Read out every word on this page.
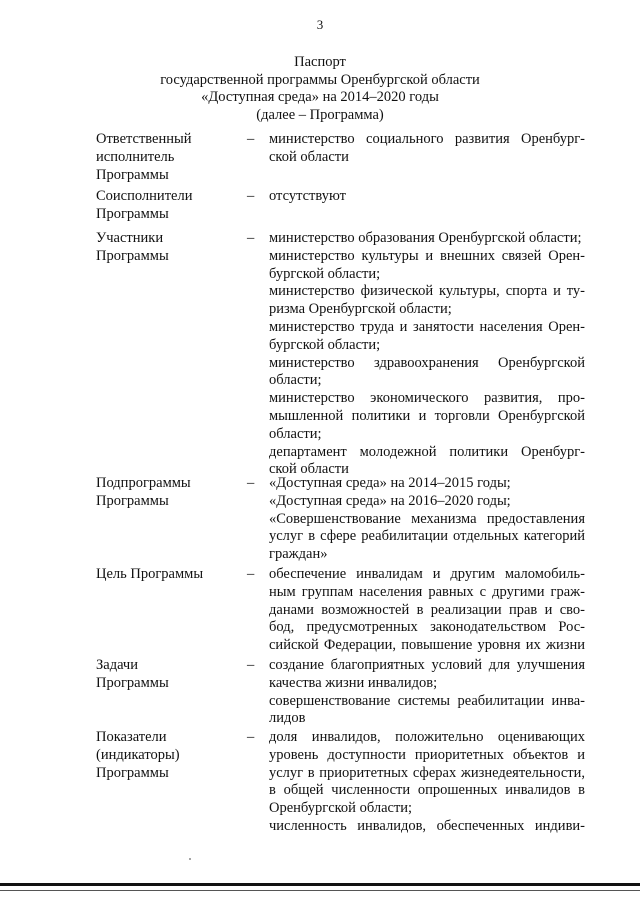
3
Паспорт
государственной программы Оренбургской области
«Доступная среда» на 2014–2020 годы
(далее – Программа)
Ответственный
исполнитель
Программы
– министерство социального развития Оренбург-
ской области
Соисполнители
Программы
– отсутствуют
Участники
Программы
– министерство образования Оренбургской области;
министерство культуры и внешних связей Орен-
бургской области;
министерство физической культуры, спорта и ту-
ризма Оренбургской области;
министерство труда и занятости населения Орен-
бургской области;
министерство здравоохранения Оренбургской
области;
министерство экономического развития, про-
мышленной политики и торговли Оренбургской
области;
департамент молодежной политики Оренбург-
ской области
Подпрограммы
Программы
– «Доступная среда» на 2014–2015 годы;
«Доступная среда» на 2016–2020 годы;
«Совершенствование механизма предоставления
услуг в сфере реабилитации отдельных категорий
граждан»
Цель Программы	– обеспечение инвалидам и другим маломобиль-
ным группам населения равных с другими граж-
данами возможностей в реализации прав и сво-
бод, предусмотренных законодательством Рос-
сийской Федерации, повышение уровня их жизни
Задачи
Программы
– создание благоприятных условий для улучшения
качества жизни инвалидов;
совершенствование системы реабилитации инва-
лидов
Показатели
(индикаторы)
Программы
– доля инвалидов, положительно оценивающих
уровень доступности приоритетных объектов и
услуг в приоритетных сферах жизнедеятельности,
в общей численности опрошенных инвалидов в
Оренбургской области;
численность инвалидов, обеспеченных индиви-
